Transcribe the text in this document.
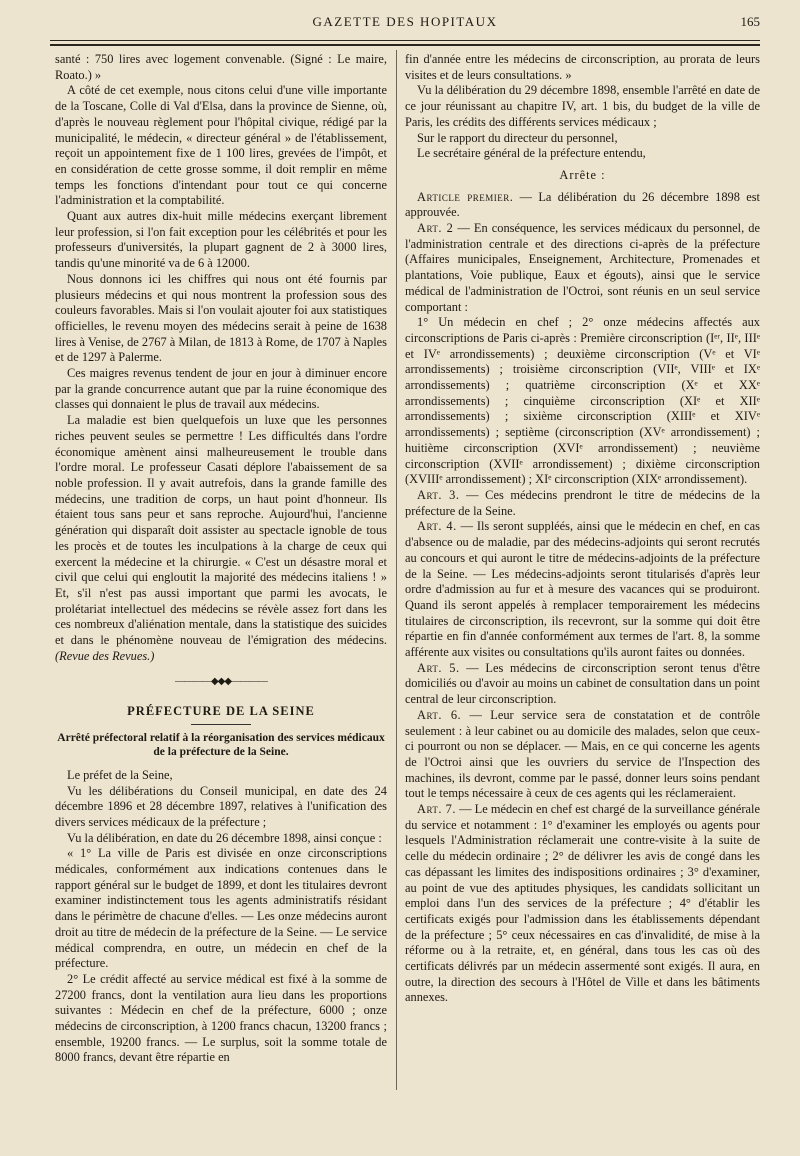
GAZETTE DES HOPITAUX	165

santé : 750 lires avec logement convenable. (Signé : Le maire, Roato.) »

A côté de cet exemple, nous citons celui d'une ville importante de la Toscane, Colle di Val d'Elsa, dans la province de Sienne, où, d'après le nouveau règlement pour l'hôpital civique, rédigé par la municipalité, le médecin, « directeur général » de l'établissement, reçoit un appointement fixe de 1 100 lires, grevées de l'impôt, et en considération de cette grosse somme, il doit remplir en même temps les fonctions d'intendant pour tout ce qui concerne l'administration et la comptabilité.

Quant aux autres dix-huit mille médecins exerçant librement leur profession, si l'on fait exception pour les célébrités et pour les professeurs d'universités, la plupart gagnent de 2 à 3000 lires, tandis qu'une minorité va de 6 à 12000.

Nous donnons ici les chiffres qui nous ont été fournis par plusieurs médecins et qui nous montrent la profession sous des couleurs favorables. Mais si l'on voulait ajouter foi aux statistiques officielles, le revenu moyen des médecins serait à peine de 1638 lires à Venise, de 2767 à Milan, de 1813 à Rome, de 1707 à Naples et de 1297 à Palerme.

Ces maigres revenus tendent de jour en jour à diminuer encore par la grande concurrence autant que par la ruine économique des classes qui donnaient le plus de travail aux médecins.

La maladie est bien quelquefois un luxe que les personnes riches peuvent seules se permettre ! Les difficultés dans l'ordre économique amènent ainsi malheureusement le trouble dans l'ordre moral. Le professeur Casati déplore l'abaissement de sa noble profession. Il y avait autrefois, dans la grande famille des médecins, une tradition de corps, un haut point d'honneur. Ils étaient tous sans peur et sans reproche. Aujourd'hui, l'ancienne génération qui disparaît doit assister au spectacle ignoble de tous les procès et de toutes les inculpations à la charge de ceux qui exercent la médecine et la chirurgie. « C'est un désastre moral et civil que celui qui engloutit la majorité des médecins italiens ! » Et, s'il n'est pas aussi important que parmi les avocats, le prolétariat intellectuel des médecins se révèle assez fort dans les ces nombreux d'aliénation mentale, dans la statistique des suicides et dans le phénomène nouveau de l'émigration des médecins. (Revue des Revues.)

————◆◆◆————
PRÉFECTURE DE LA SEINE
Arrêté préfectoral relatif à la réorganisation des services médicaux de la préfecture de la Seine.

Le préfet de la Seine,

Vu les délibérations du Conseil municipal, en date des 24 décembre 1896 et 28 décembre 1897, relatives à l'unification des divers services médicaux de la préfecture ;

Vu la délibération, en date du 26 décembre 1898, ainsi conçue :

« 1° La ville de Paris est divisée en onze circonscriptions médicales, conformément aux indications contenues dans le rapport général sur le budget de 1899, et dont les titulaires devront examiner indistinctement tous les agents administratifs résidant dans le périmètre de chacune d'elles. — Les onze médecins auront droit au titre de médecin de la préfecture de la Seine. — Le service médical comprendra, en outre, un médecin en chef de la préfecture.

2° Le crédit affecté au service médical est fixé à la somme de 27200 francs, dont la ventilation aura lieu dans les proportions suivantes : Médecin en chef de la préfecture, 6000 ; onze médecins de circonscription, à 1200 francs chacun, 13200 francs ; ensemble, 19200 francs. — Le surplus, soit la somme totale de 8000 francs, devant être répartie en

fin d'année entre les médecins de circonscription, au prorata de leurs visites et de leurs consultations. »

Vu la délibération du 29 décembre 1898, ensemble l'arrêté en date de ce jour réunissant au chapitre IV, art. 1 bis, du budget de la ville de Paris, les crédits des différents services médicaux ;

Sur le rapport du directeur du personnel,

Le secrétaire général de la préfecture entendu,

Arrête :

Article premier. — La délibération du 26 décembre 1898 est approuvée.

Art. 2 — En conséquence, les services médicaux du personnel, de l'administration centrale et des directions ci-après de la préfecture (Affaires municipales, Enseignement, Architecture, Promenades et plantations, Voie publique, Eaux et égouts), ainsi que le service médical de l'administration de l'Octroi, sont réunis en un seul service comportant :

1° Un médecin en chef ; 2° onze médecins affectés aux circonscriptions de Paris ci-après : Première circonscription (Iᵉʳ, IIᵉ, IIIᵉ et IVᵉ arrondissements) ; deuxième circonscription (Vᵉ et VIᵉ arrondissements) ; troisième circonscription (VIIᵉ, VIIIᵉ et IXᵉ arrondissements) ; quatrième circonscription (Xᵉ et XXᵉ arrondissements) ; cinquième circonscription (XIᵉ et XIIᵉ arrondissements) ; sixième circonscription (XIIIᵉ et XIVᵉ arrondissements) ; septième (circonscription (XVᵉ arrondissement) ; huitième circonscription (XVIᵉ arrondissement) ; neuvième circonscription (XVIIᵉ arrondissement) ; dixième circonscription (XVIIIᵉ arrondissement) ; XIᵉ circonscription (XIXᵉ arrondissement).

Art. 3. — Ces médecins prendront le titre de médecins de la préfecture de la Seine.

Art. 4. — Ils seront suppléés, ainsi que le médecin en chef, en cas d'absence ou de maladie, par des médecins-adjoints qui seront recrutés au concours et qui auront le titre de médecins-adjoints de la préfecture de la Seine. — Les médecins-adjoints seront titularisés d'après leur ordre d'admission au fur et à mesure des vacances qui se produiront. Quand ils seront appelés à remplacer temporairement les médecins titulaires de circonscription, ils recevront, sur la somme qui doit être répartie en fin d'année conformément aux termes de l'art. 8, la somme afférente aux visites ou consultations qu'ils auront faites ou données.

Art. 5. — Les médecins de circonscription seront tenus d'être domiciliés ou d'avoir au moins un cabinet de consultation dans un point central de leur circonscription.

Art. 6. — Leur service sera de constatation et de contrôle seulement : à leur cabinet ou au domicile des malades, selon que ceux-ci pourront ou non se déplacer. — Mais, en ce qui concerne les agents de l'Octroi ainsi que les ouvriers du service de l'Inspection des machines, ils devront, comme par le passé, donner leurs soins pendant tout le temps nécessaire à ceux de ces agents qui les réclameraient.

Art. 7. — Le médecin en chef est chargé de la surveillance générale du service et notamment : 1° d'examiner les employés ou agents pour lesquels l'Administration réclamerait une contre-visite à la suite de celle du médecin ordinaire ; 2° de délivrer les avis de congé dans les cas dépassant les limites des indispositions ordinaires ; 3° d'examiner, au point de vue des aptitudes physiques, les candidats sollicitant un emploi dans l'un des services de la préfecture ; 4° d'établir les certificats exigés pour l'admission dans les établissements dépendant de la préfecture ; 5° ceux nécessaires en cas d'invalidité, de mise à la réforme ou à la retraite, et, en général, dans tous les cas où des certificats délivrés par un médecin assermenté sont exigés. Il aura, en outre, la direction des secours à l'Hôtel de Ville et dans les bâtiments annexes.
